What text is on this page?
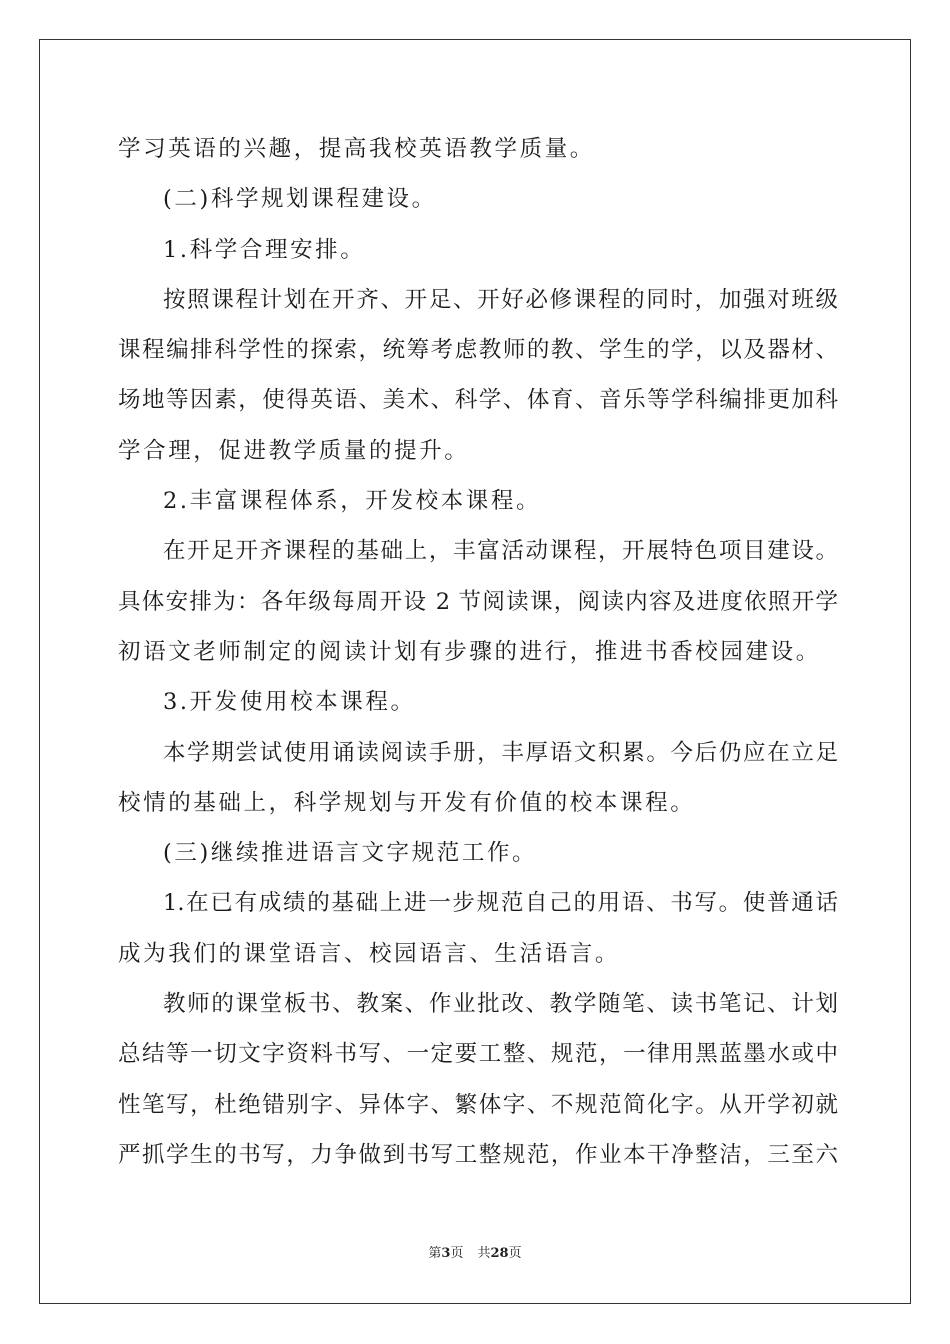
学习英语的兴趣，提高我校英语教学质量。
(二)科学规划课程建设。
1.科学合理安排。
按照课程计划在开齐、开足、开好必修课程的同时，加强对班级
课程编排科学性的探索，统筹考虑教师的教、学生的学，以及器材、
场地等因素，使得英语、美术、科学、体育、音乐等学科编排更加科
学合理，促进教学质量的提升。
2.丰富课程体系，开发校本课程。
在开足开齐课程的基础上，丰富活动课程，开展特色项目建设。
具体安排为：各年级每周开设 2 节阅读课，阅读内容及进度依照开学
初语文老师制定的阅读计划有步骤的进行，推进书香校园建设。
3.开发使用校本课程。
本学期尝试使用诵读阅读手册，丰厚语文积累。今后仍应在立足
校情的基础上，科学规划与开发有价值的校本课程。
(三)继续推进语言文字规范工作。
1.在已有成绩的基础上进一步规范自己的用语、书写。使普通话
成为我们的课堂语言、校园语言、生活语言。
教师的课堂板书、教案、作业批改、教学随笔、读书笔记、计划
总结等一切文字资料书写、一定要工整、规范，一律用黑蓝墨水或中
性笔写，杜绝错别字、异体字、繁体字、不规范简化字。从开学初就
严抓学生的书写，力争做到书写工整规范，作业本干净整洁，三至六
第3页 共28页
